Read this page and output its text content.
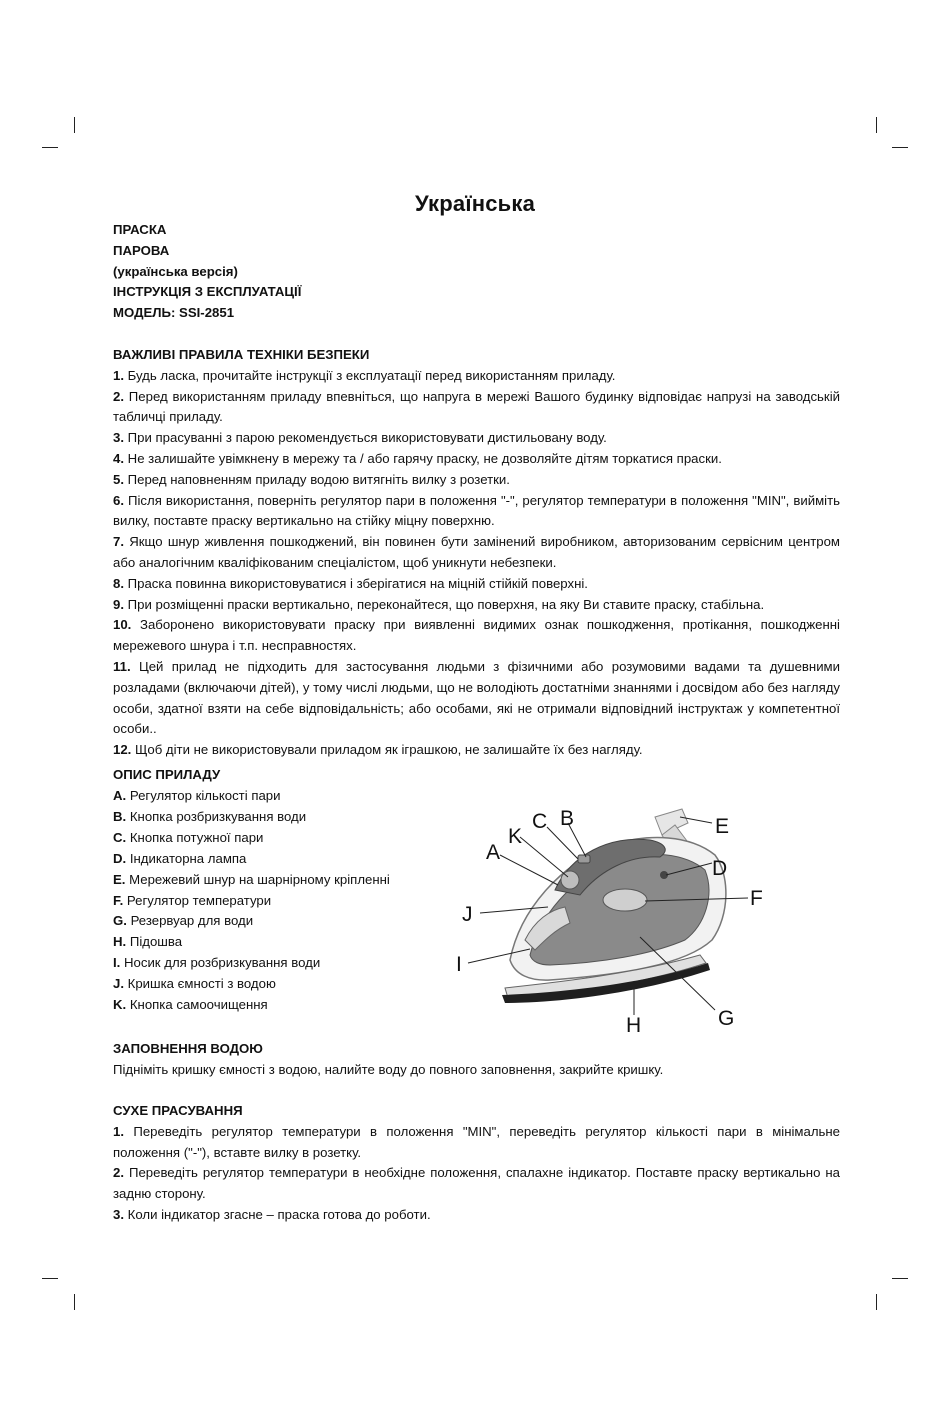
Українська
ПРАСКА
ПАРОВА
(українська версія)
ІНСТРУКЦІЯ З ЕКСПЛУАТАЦІЇ
МОДЕЛЬ: SSI-2851
ВАЖЛИВІ ПРАВИЛА ТЕХНІКИ БЕЗПЕКИ
1. Будь ласка, прочитайте інструкції з експлуатації перед використанням приладу.
2. Перед використанням приладу впевніться, що напруга в мережі Вашого будинку відповідає напрузі на заводській табличці приладу.
3. При прасуванні з парою рекомендується використовувати дистильовану воду.
4. Не залишайте увімкнену в мережу та / або гарячу праску, не дозволяйте дітям торкатися праски.
5. Перед наповненням приладу водою витягніть вилку з розетки.
6. Після використання, поверніть регулятор пари в положення "-", регулятор температури в положення "MIN", вийміть вилку, поставте праску вертикально на стійку міцну поверхню.
7. Якщо шнур живлення пошкоджений, він повинен бути замінений виробником, авторизованим сервісним центром або аналогічним кваліфікованим спеціалістом, щоб уникнути небезпеки.
8. Праска повинна використовуватися і зберігатися на міцній стійкій поверхні.
9. При розміщенні праски вертикально, переконайтеся, що поверхня, на яку Ви ставите праску, стабільна.
10. Заборонено використовувати праску при виявленні видимих ознак пошкодження, протікання, пошкодженні мережевого шнура і т.п. несправностях.
11. Цей прилад не підходить для застосування людьми з фізичними або розумовими вадами та душевними розладами (включаючи дітей), у тому числі людьми, що не володіють достатніми знаннями і досвідом або без нагляду особи, здатної взяти на себе відповідальність; або особами, які не отримали відповідний інструктаж у компетентної особи..
12. Щоб діти не використовували приладом як іграшкою, не залишайте їх без нагляду.
ОПИС ПРИЛАДУ
A. Регулятор кількості пари
B. Кнопка розбризкування води
C. Кнопка потужної пари
D. Індикаторна лампа
E. Мережевий шнур на шарнірному кріпленні
F. Регулятор температури
G. Резервуар для води
H. Підошва
I. Носик для розбризкування води
J. Кришка ємності з водою
K. Кнопка самоочищення
C B	E
K
A
D
F
J
I
H	G
ЗАПОВНЕННЯ ВОДОЮ
Підніміть кришку ємності з водою, налийте воду до повного заповнення, закрийте кришку.
СУХЕ ПРАСУВАННЯ
1. Переведіть регулятор температури в положення "MIN", переведіть регулятор кількості пари в мінімальне положення ("-"), вставте вилку в розетку.
2. Переведіть регулятор температури в необхідне положення, спалахне індикатор. Поставте праску вертикально на задню сторону.
3. Коли індикатор згасне – праска готова до роботи.
